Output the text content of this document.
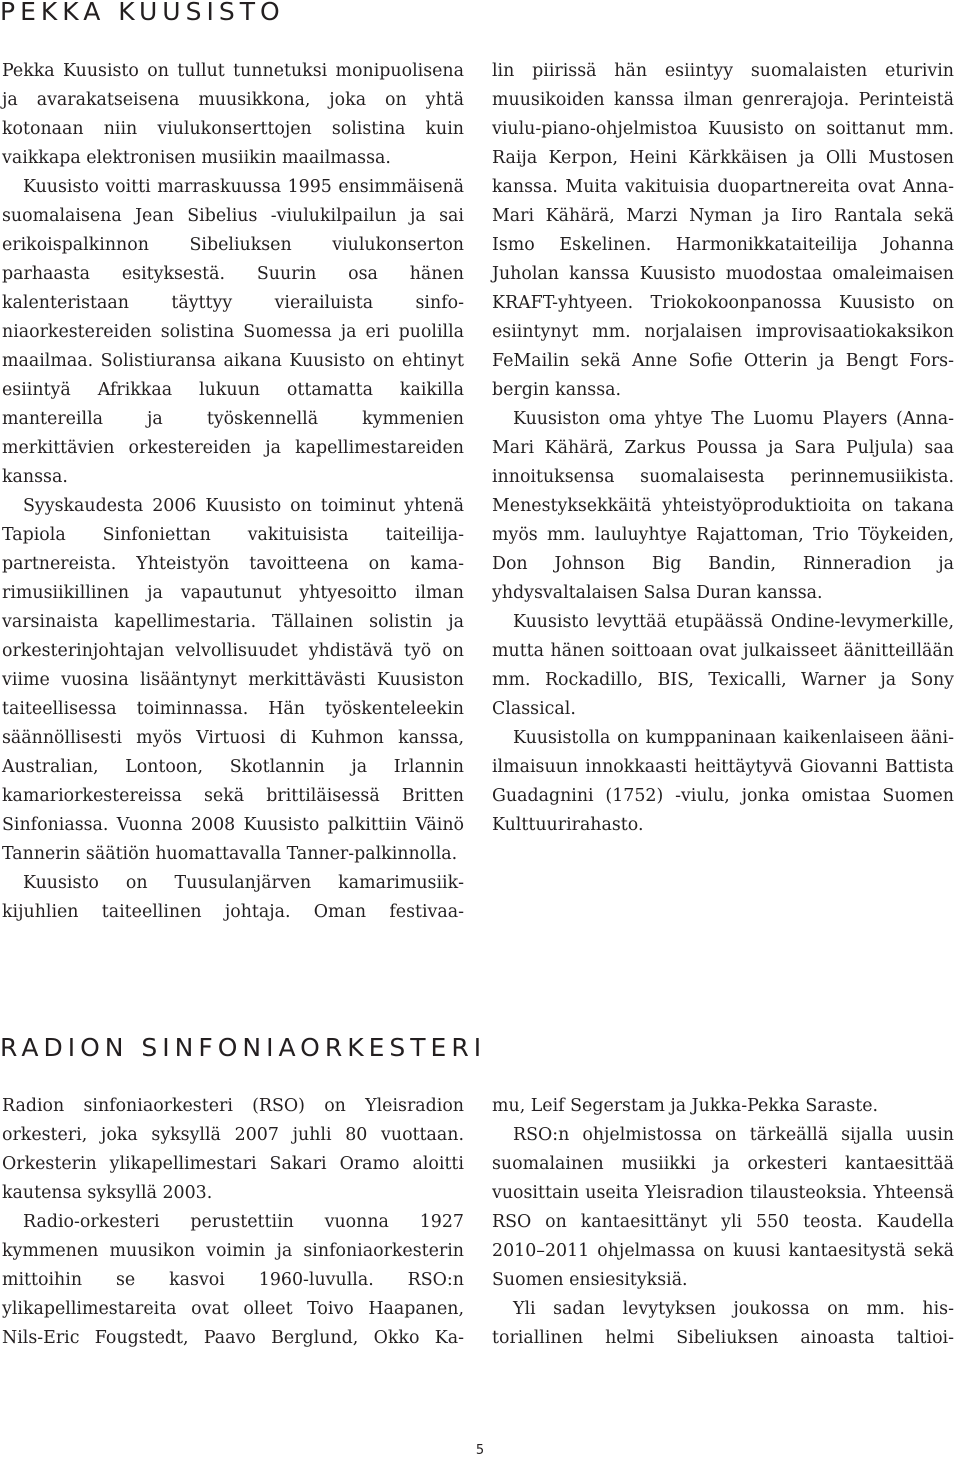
PEKKA KUUSISTO

Pekka Kuusisto on tullut tunnetuksi monipuolisena ja avarakatseisena muusikkona, joka on yhtä kotonaan niin viulukonserttojen solistina kuin vaikkapa elektronisen musiikin maailmassa.

Kuusisto voitti marraskuussa 1995 ensimmäisenä suomalaisena Jean Sibelius -viulukilpailun ja sai erikoispalkinnon Sibeliuksen viulukonserton parhaasta esityksestä. Suurin osa hänen kalenteristaan täyttyy vierailuista sinfoniaorkestereiden solistina Suomessa ja eri puolilla maailmaa. Solistiuransa aikana Kuusisto on ehtinyt esiintyä Afrikkaa lukuun ottamatta kaikilla mantereilla ja työskennellä kymmenien merkittävien orkestereiden ja kapellimestareiden kanssa.

Syyskaudesta 2006 Kuusisto on toiminut yhtenä Tapiola Sinfoniettan vakituisista taiteilijapartnereista. Yhteistyön tavoitteena on kamarimusiikillinen ja vapautunut yhtyesoitto ilman varsinaista kapellimestaria. Tällainen solistin ja orkesterinjohtajan velvollisuudet yhdistävä työ on viime vuosina lisääntynyt merkittävästi Kuusiston taiteellisessa toiminnassa. Hän työskenteleekin säännöllisesti myös Virtuosi di Kuhmon kanssa, Australian, Lontoon, Skotlannin ja Irlannin kamariorkestereissa sekä brittiläisessä Britten Sinfoniassa. Vuonna 2008 Kuusisto palkittiin Väinö Tannerin säätiön huomattavalla Tanner-palkinnolla.

Kuusisto on Tuusulanjärven kamarimusiikkijuhlien taiteellinen johtaja. Oman festivaa-

lin piirissä hän esiintyy suomalaisten eturivin muusikoiden kanssa ilman genrerajoja. Perinteistä viulu-piano-ohjelmistoa Kuusisto on soittanut mm. Raija Kerpon, Heini Kärkkäisen ja Olli Mustosen kanssa. Muita vakituisia duopartnereita ovat Anna-Mari Kähärä, Marzi Nyman ja Iiro Rantala sekä Ismo Eskelinen. Harmonikkataiteilija Johanna Juholan kanssa Kuusisto muodostaa omaleimaisen KRAFT-yhtyeen. Triokokoonpanossa Kuusisto on esiintynyt mm. norjalaisen improvisaatiokaksikon FeMailin sekä Anne Sofie Otterin ja Bengt Forsbergin kanssa.

Kuusiston oma yhtye The Luomu Players (Anna-Mari Kähärä, Zarkus Poussa ja Sara Puljula) saa innoituksensa suomalaisesta perinnemusiikista. Menestyksekkäitä yhteistyöproduktioita on takana myös mm. lauluyhtye Rajattoman, Trio Töykeiden, Don Johnson Big Bandin, Rinneradion ja yhdysvaltalaisen Salsa Duran kanssa.

Kuusisto levyttää etupäässä Ondine-levymerkille, mutta hänen soittoaan ovat julkaisseet äänitteillään mm. Rockadillo, BIS, Texicalli, Warner ja Sony Classical.

Kuusistolla on kumppaninaan kaikenlaiseen ääni-ilmaisuun innokkaasti heittäytyvä Giovanni Battista Guadagnini (1752) -viulu, jonka omistaa Suomen Kulttuurirahasto.

RADION SINFONIAORKESTERI

Radion sinfoniaorkesteri (RSO) on Yleisradion orkesteri, joka syksyllä 2007 juhli 80 vuottaan. Orkesterin ylikapellimestari Sakari Oramo aloitti kautensa syksyllä 2003.

Radio-orkesteri perustettiin vuonna 1927 kymmenen muusikon voimin ja sinfoniaorkesterin mittoihin se kasvoi 1960-luvulla. RSO:n ylikapellimestareita ovat olleet Toivo Haapanen, Nils-Eric Fougstedt, Paavo Berglund, Okko Ka-

mu, Leif Segerstam ja Jukka-Pekka Saraste.

RSO:n ohjelmistossa on tärkeällä sijalla uusin suomalainen musiikki ja orkesteri kantaesittää vuosittain useita Yleisradion tilausteoksia. Yhteensä RSO on kantaesittänyt yli 550 teosta. Kaudella 2010–2011 ohjelmassa on kuusi kantaesitystä sekä Suomen ensiesityksiä.

Yli sadan levytyksen joukossa on mm. historiallinen helmi Sibeliuksen ainoasta taltioi-

5
